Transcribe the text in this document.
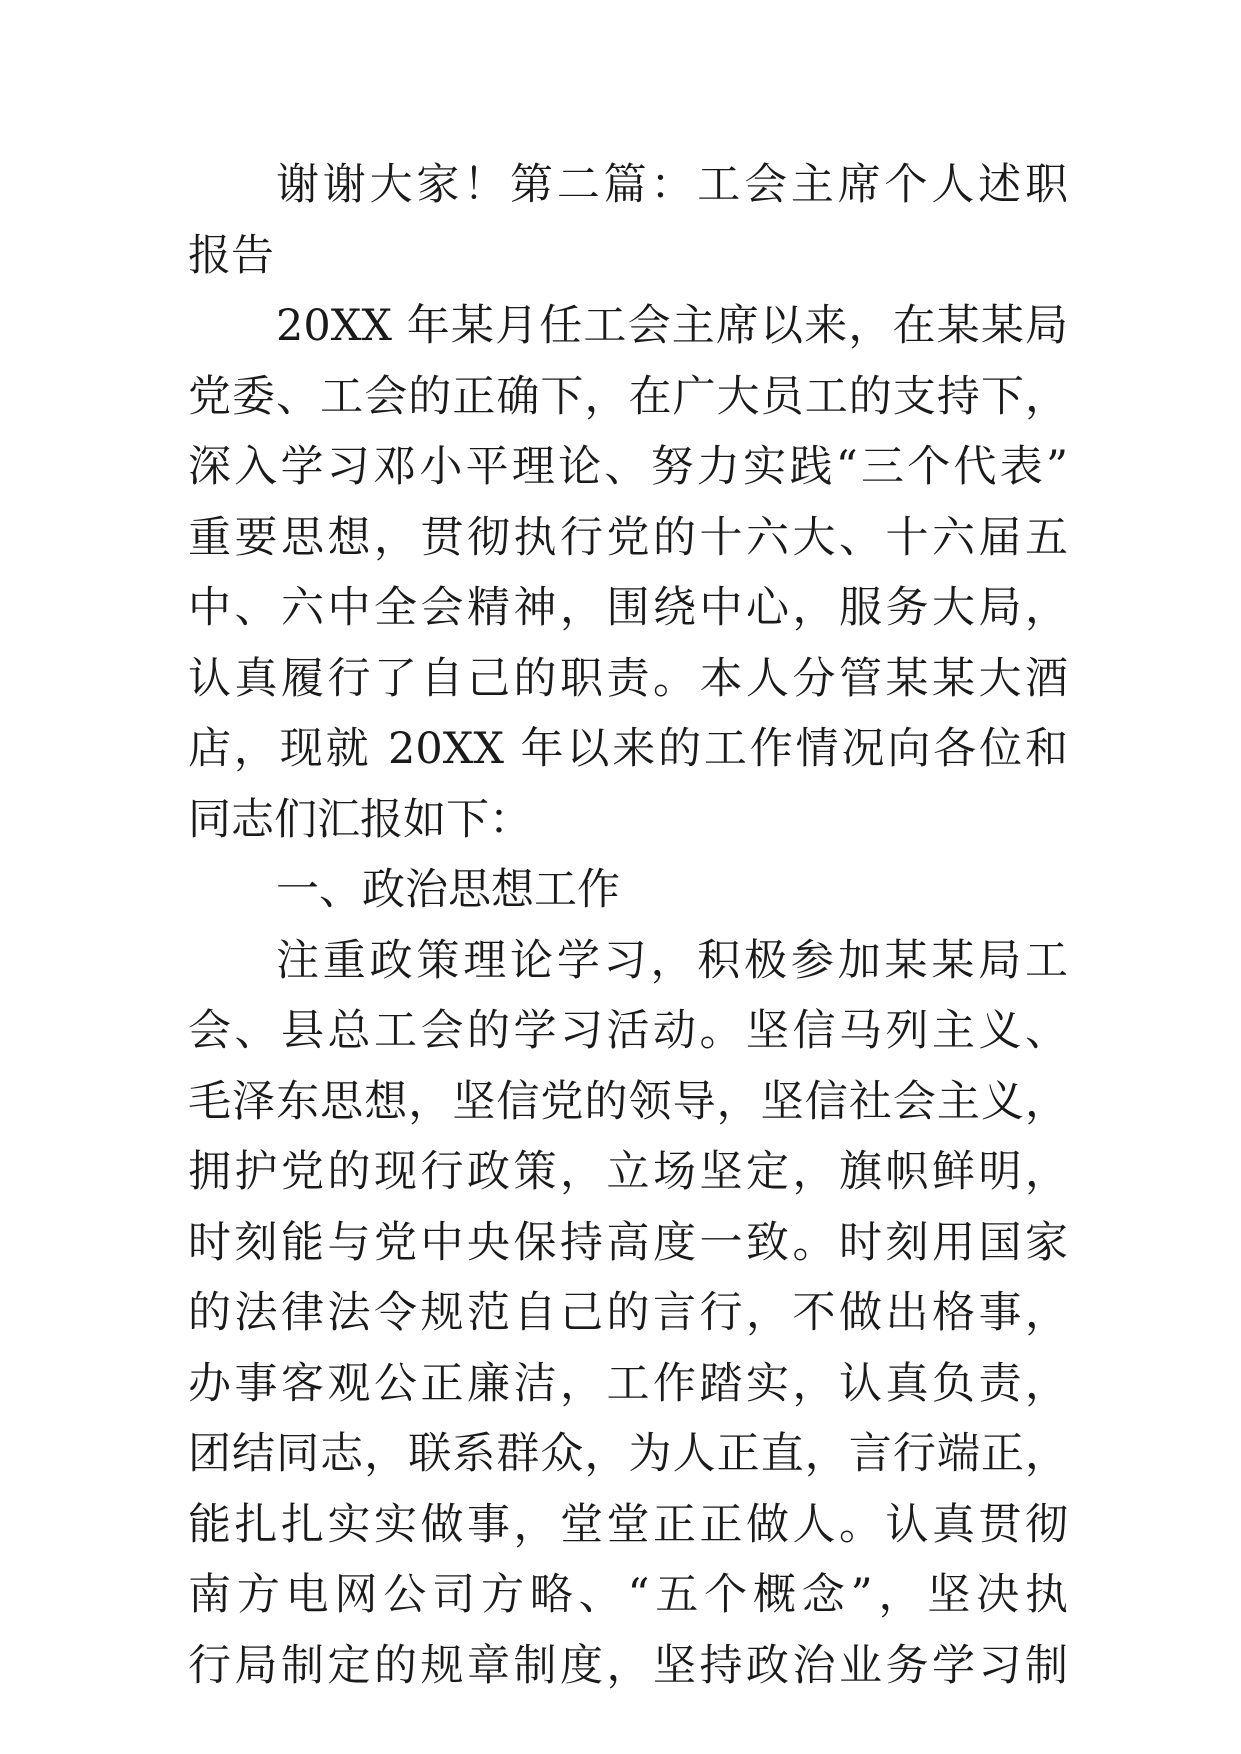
谢谢大家！第二篇：工会主席个人述职
报告
20XX 年某月任工会主席以来，在某某局
党委、工会的正确下，在广大员工的支持下，
深入学习邓小平理论、努力实践“三个代表”
重要思想，贯彻执行党的十六大、十六届五
中、六中全会精神，围绕中心，服务大局，
认真履行了自己的职责。本人分管某某大酒
店，现就 20XX 年以来的工作情况向各位和
同志们汇报如下：
一、政治思想工作
注重政策理论学习，积极参加某某局工
会、县总工会的学习活动。坚信马列主义、
毛泽东思想，坚信党的领导，坚信社会主义，
拥护党的现行政策，立场坚定，旗帜鲜明，
时刻能与党中央保持高度一致。时刻用国家
的法律法令规范自己的言行，不做出格事，
办事客观公正廉洁，工作踏实，认真负责，
团结同志，联系群众，为人正直，言行端正，
能扎扎实实做事，堂堂正正做人。认真贯彻
南方电网公司方略、“五个概念”，坚决执
行局制定的规章制度，坚持政治业务学习制
